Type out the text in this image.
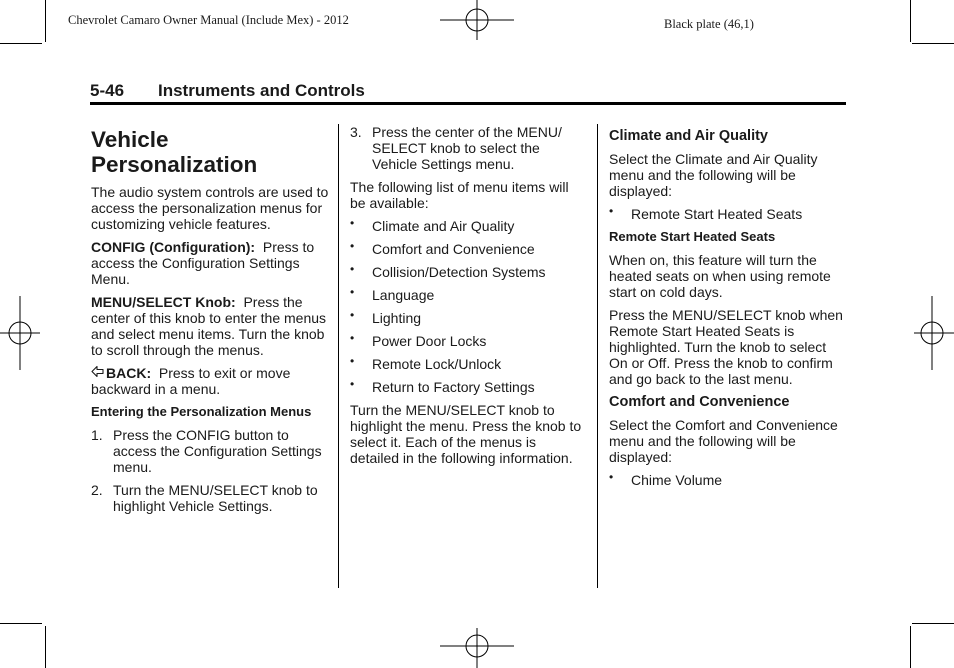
Chevrolet Camaro Owner Manual (Include Mex) - 2012	Black plate (46,1)
5-46 Instruments and Controls
Vehicle Personalization

The audio system controls are used to access the personalization menus for customizing vehicle features.

CONFIG (Configuration): Press to access the Configuration Settings Menu.

MENU/SELECT Knob: Press the center of this knob to enter the menus and select menu items. Turn the knob to scroll through the menus.

BACK: Press to exit or move backward in a menu.

Entering the Personalization Menus
1. Press the CONFIG button to access the Configuration Settings menu.
2. Turn the MENU/SELECT knob to highlight Vehicle Settings.
3. Press the center of the MENU/ SELECT knob to select the Vehicle Settings menu.

The following list of menu items will be available:

• Climate and Air Quality
• Comfort and Convenience
• Collision/Detection Systems
• Language
• Lighting
• Power Door Locks
• Remote Lock/Unlock
• Return to Factory Settings

Turn the MENU/SELECT knob to highlight the menu. Press the knob to select it. Each of the menus is detailed in the following information.

Climate and Air Quality

Select the Climate and Air Quality menu and the following will be displayed:

• Remote Start Heated Seats
Remote Start Heated Seats

When on, this feature will turn the heated seats on when using remote start on cold days.

Press the MENU/SELECT knob when Remote Start Heated Seats is highlighted. Turn the knob to select On or Off. Press the knob to confirm and go back to the last menu.

Comfort and Convenience

Select the Comfort and Convenience menu and the following will be displayed:

• Chime Volume
